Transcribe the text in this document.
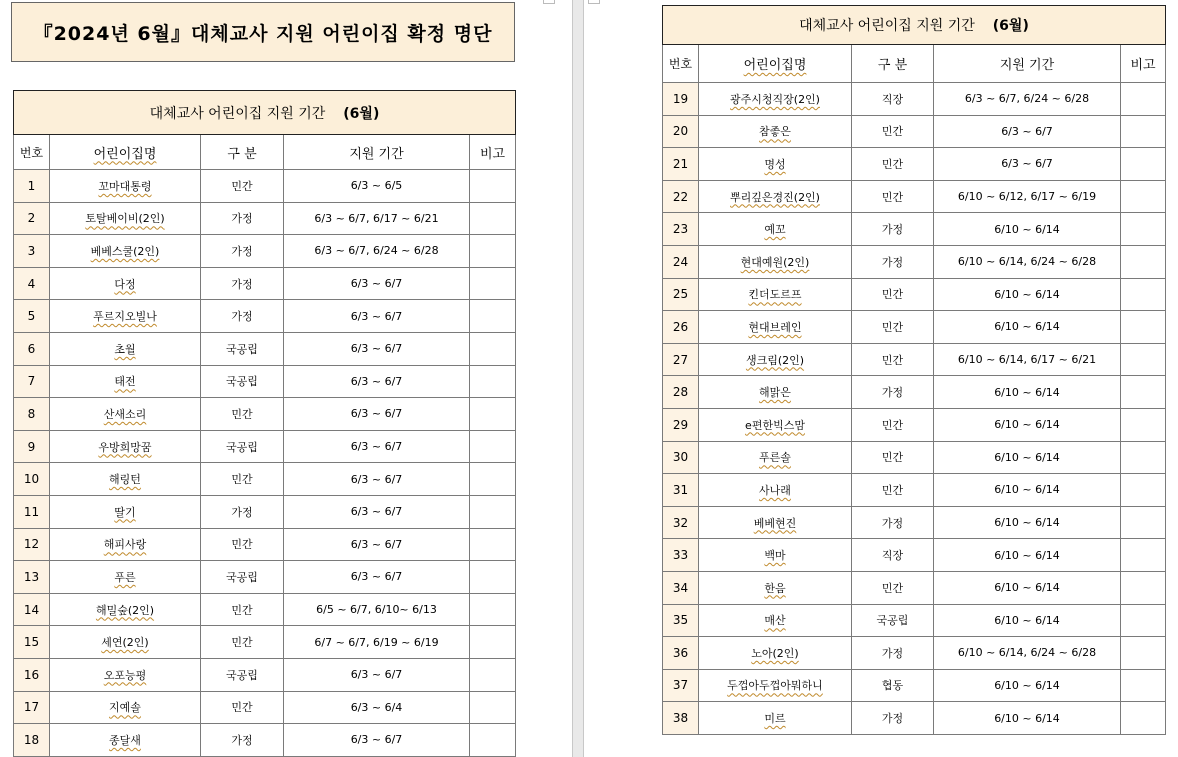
『2024년 6월』대체교사 지원 어린이집 확정 명단
대체교사 어린이집 지원 기간 (6월)				
번호	어린이집명	구 분	지원 기간	비고
1	꼬마대통령	민간	6/3 ~ 6/5	
2	토탈베이비(2인)	가정	6/3 ~ 6/7, 6/17 ~ 6/21	
3	베베스쿨(2인)	가정	6/3 ~ 6/7, 6/24 ~ 6/28	
4	다정	가정	6/3 ~ 6/7	
5	푸르지오빌나	가정	6/3 ~ 6/7	
6	초월	국공립	6/3 ~ 6/7	
7	태전	국공립	6/3 ~ 6/7	
8	산새소리	민간	6/3 ~ 6/7	
9	우방희망꿈	국공립	6/3 ~ 6/7	
10	해링턴	민간	6/3 ~ 6/7	
11	딸기	가정	6/3 ~ 6/7	
12	해피사랑	민간	6/3 ~ 6/7	
13	푸른	국공립	6/3 ~ 6/7	
14	해밀숲(2인)	민간	6/5 ~ 6/7, 6/10~ 6/13	
15	세연(2인)	민간	6/7 ~ 6/7, 6/19 ~ 6/19	
16	오포능평	국공립	6/3 ~ 6/7	
17	지예솔	민간	6/3 ~ 6/4	
18	종달새	가정	6/3 ~ 6/7	
대체교사 어린이집 지원 기간 (6월)				
번호	어린이집명	구 분	지원 기간	비고
19	광주시청직장(2인)	직장	6/3 ~ 6/7, 6/24 ~ 6/28	
20	참좋은	민간	6/3 ~ 6/7	
21	명성	민간	6/3 ~ 6/7	
22	뿌리깊은경진(2인)	민간	6/10 ~ 6/12, 6/17 ~ 6/19	
23	예꼬	가정	6/10 ~ 6/14	
24	현대예원(2인)	가정	6/10 ~ 6/14, 6/24 ~ 6/28	
25	킨더도르프	민간	6/10 ~ 6/14	
26	현대브레인	민간	6/10 ~ 6/14	
27	생크림(2인)	민간	6/10 ~ 6/14, 6/17 ~ 6/21	
28	해맑은	가정	6/10 ~ 6/14	
29	e편한빅스맘	민간	6/10 ~ 6/14	
30	푸른솔	민간	6/10 ~ 6/14	
31	사나래	민간	6/10 ~ 6/14	
32	베베현진	가정	6/10 ~ 6/14	
33	백마	직장	6/10 ~ 6/14	
34	한음	민간	6/10 ~ 6/14	
35	매산	국공립	6/10 ~ 6/14	
36	노아(2인)	가정	6/10 ~ 6/14, 6/24 ~ 6/28	
37	두껍아두껍아뭐하니	협동	6/10 ~ 6/14	
38	미르	가정	6/10 ~ 6/14	
